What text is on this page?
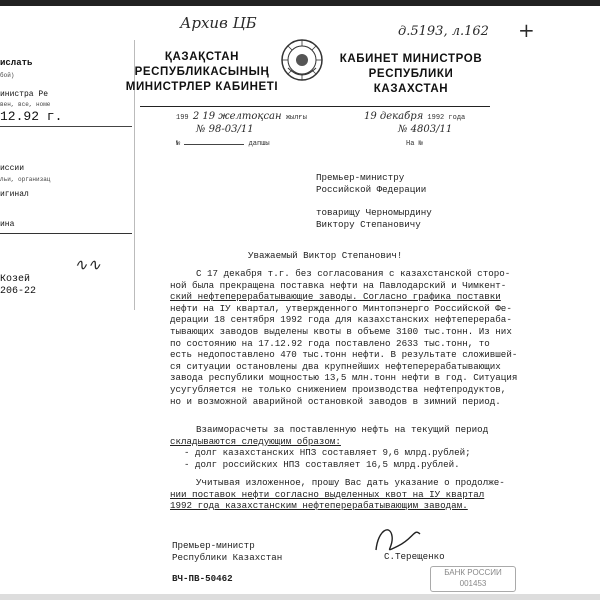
Архив ЦБ	д.5193, л.162 +
ислать
бой)
инистра Ре
вен, все, номе
12.92 г.
иссии
льи, организац
игинал
ина
∿∿
Козей
206-22
ҚАЗАҚСТАН
РЕСПУБЛИКАСЫНЫҢ
МИНИСТРЛЕР КАБИНЕТІ
КАБИНЕТ МИНИСТРОВ
РЕСПУБЛИКИ
КАЗАХСТАН
199 2 19 желтоқсан жылғы
№ 98-03/11
№	дапшы
19 декабря 1992 года
№ 4803/11
На №
Премьер-министру
Российской Федерации
товарищу Черномырдину
Виктору Степановичу
Уважаемый Виктор Степанович!
С 17 декабря т.г. без согласования с казахстанской сторо-
ной была прекращена поставка нефти на Павлодарский и Чимкент-
ский нефтеперерабатывающие заводы. Согласно графика поставки
нефти на IУ квартал, утвержденного Минтопэнерго Российской Фе-
дерации 18 сентября 1992 года для казахстанских нефтеперераба-
тывающих заводов выделены квоты в объеме 3100 тыс.тонн. Из них
по состоянию на 17.12.92 года поставлено 2633 тыс.тонн, то
есть недопоставлено 470 тыс.тонн нефти. В результате сложившей-
ся ситуации остановлены два крупнейших нефтеперерабатывающих
завода республики мощностью 13,5 млн.тонн нефти в год. Ситуация
усугубляется не только снижением производства нефтепродуктов,
но и возможной аварийной остановкой заводов в зимний период.
Взаиморасчеты за поставленную нефть на текущий период
складываются следующим образом:
- долг казахстанских НПЗ составляет 9,6 млрд.рублей;
- долг российских НПЗ составляет 16,5 млрд.рублей.
Учитывая изложенное, прошу Вас дать указание о продолже-
нии поставок нефти согласно выделенных квот на IУ квартал
1992 года казахстанским нефтеперерабатывающим заводам.
Премьер-министр
Республики Казахстан	С.Терещенко
ВЧ-ПВ-50462
БАНК РОССИИ
001453
